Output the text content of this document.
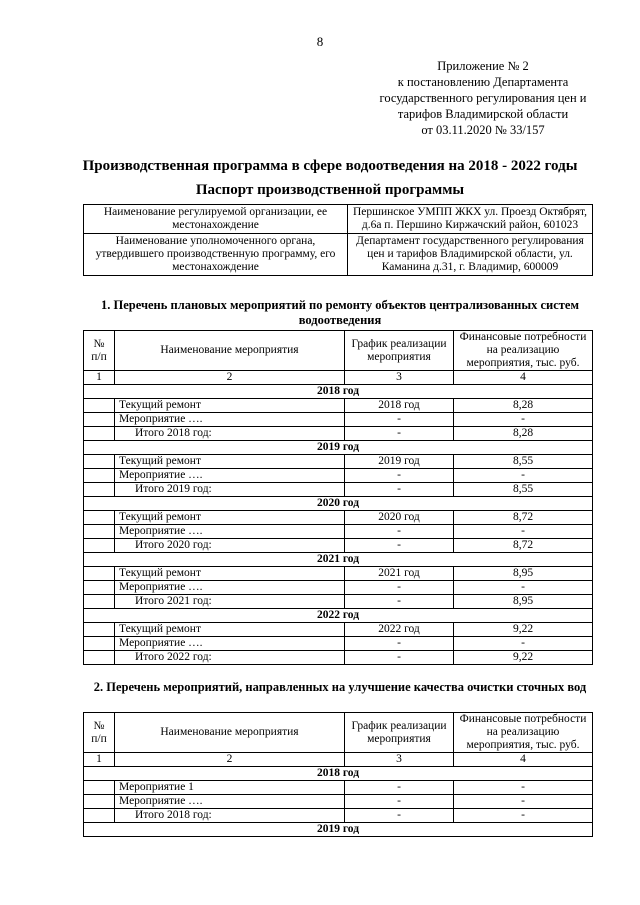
8
Приложение № 2
к постановлению Департамента
государственного регулирования цен и
тарифов Владимирской области
от 03.11.2020 № 33/157
Производственная программа в сфере водоотведения на 2018 - 2022 годы
Паспорт производственной программы
Наименование регулируемой организации, ее местонахождение	Першинское УМПП ЖКХ ул. Проезд Октябрят, д.6а п. Першино Киржачский район, 601023
Наименование уполномоченного органа, утвердившего производственную программу, его местонахождение	Департамент государственного регулирования цен и тарифов Владимирской области, ул. Каманина д.31, г. Владимир, 600009
1. Перечень плановых мероприятий по ремонту объектов централизованных систем водоотведения
№ п/п	Наименование мероприятия	График реализации мероприятия	Финансовые потребности на реализацию мероприятия, тыс. руб.
1	2	3	4
2018 год			
	Текущий ремонт	2018 год	8,28
	Мероприятие ….	-	-
	Итого 2018 год:	-	8,28
2019 год			
	Текущий ремонт	2019 год	8,55
	Мероприятие ….	-	-
	Итого 2019 год:	-	8,55
2020 год			
	Текущий ремонт	2020 год	8,72
	Мероприятие ….	-	-
	Итого 2020 год:	-	8,72
2021 год			
	Текущий ремонт	2021 год	8,95
	Мероприятие ….	-	-
	Итого 2021 год:	-	8,95
2022 год			
	Текущий ремонт	2022 год	9,22
	Мероприятие ….	-	-
	Итого 2022 год:	-	9,22
2. Перечень мероприятий, направленных на улучшение качества очистки сточных вод
№ п/п	Наименование мероприятия	График реализации мероприятия	Финансовые потребности на реализацию мероприятия, тыс. руб.
1	2	3	4
2018 год			
	Мероприятие 1	-	-
	Мероприятие ….	-	-
	Итого 2018 год:	-	-
2019 год			
